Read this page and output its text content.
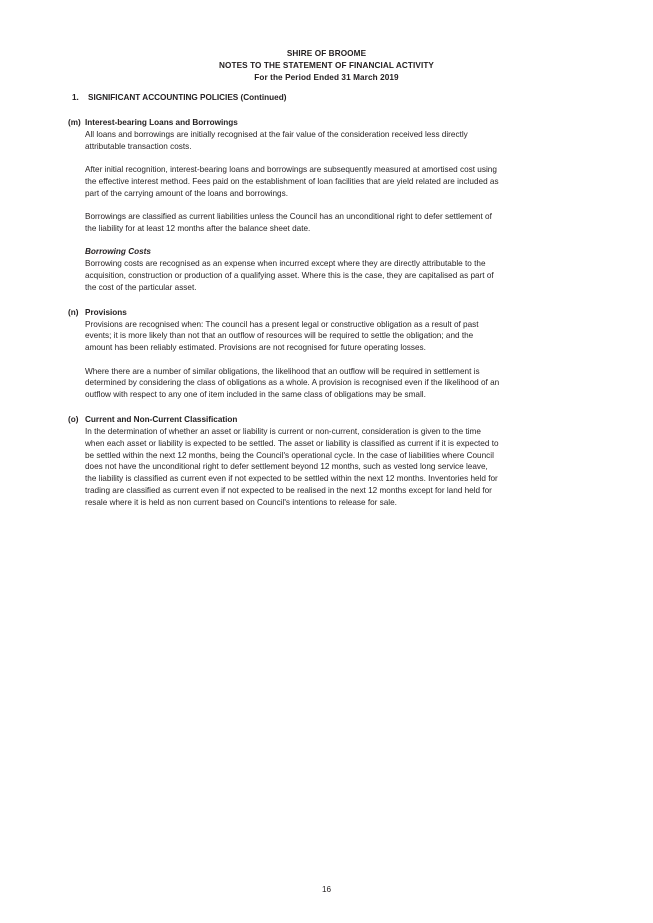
SHIRE OF BROOME
NOTES TO THE STATEMENT OF FINANCIAL ACTIVITY
For the Period Ended 31 March 2019
1.	SIGNIFICANT ACCOUNTING POLICIES (Continued)
(m) Interest-bearing Loans and Borrowings

All loans and borrowings are initially recognised at the fair value of the consideration received less directly attributable transaction costs.

After initial recognition, interest-bearing loans and borrowings are subsequently measured at amortised cost using the effective interest method. Fees paid on the establishment of loan facilities that are yield related are included as part of the carrying amount of the loans and borrowings.

Borrowings are classified as current liabilities unless the Council has an unconditional right to defer settlement of the liability for at least 12 months after the balance sheet date.

Borrowing Costs

Borrowing costs are recognised as an expense when incurred except where they are directly attributable to the acquisition, construction or production of a qualifying asset. Where this is the case, they are capitalised as part of the cost of the particular asset.

(n) Provisions

Provisions are recognised when: The council has a present legal or constructive obligation as a result of past events; it is more likely than not that an outflow of resources will be required to settle the obligation; and the amount has been reliably estimated. Provisions are not recognised for future operating losses.

Where there are a number of similar obligations, the likelihood that an outflow will be required in settlement is determined by considering the class of obligations as a whole. A provision is recognised even if the likelihood of an outflow with respect to any one of item included in the same class of obligations may be small.

(o) Current and Non-Current Classification

In the determination of whether an asset or liability is current or non-current, consideration is given to the time when each asset or liability is expected to be settled. The asset or liability is classified as current if it is expected to be settled within the next 12 months, being the Council's operational cycle. In the case of liabilities where Council does not have the unconditional right to defer settlement beyond 12 months, such as vested long service leave, the liability is classified as current even if not expected to be settled within the next 12 months. Inventories held for trading are classified as current even if not expected to be realised in the next 12 months except for land held for resale where it is held as non current based on Council's intentions to release for sale.

16
